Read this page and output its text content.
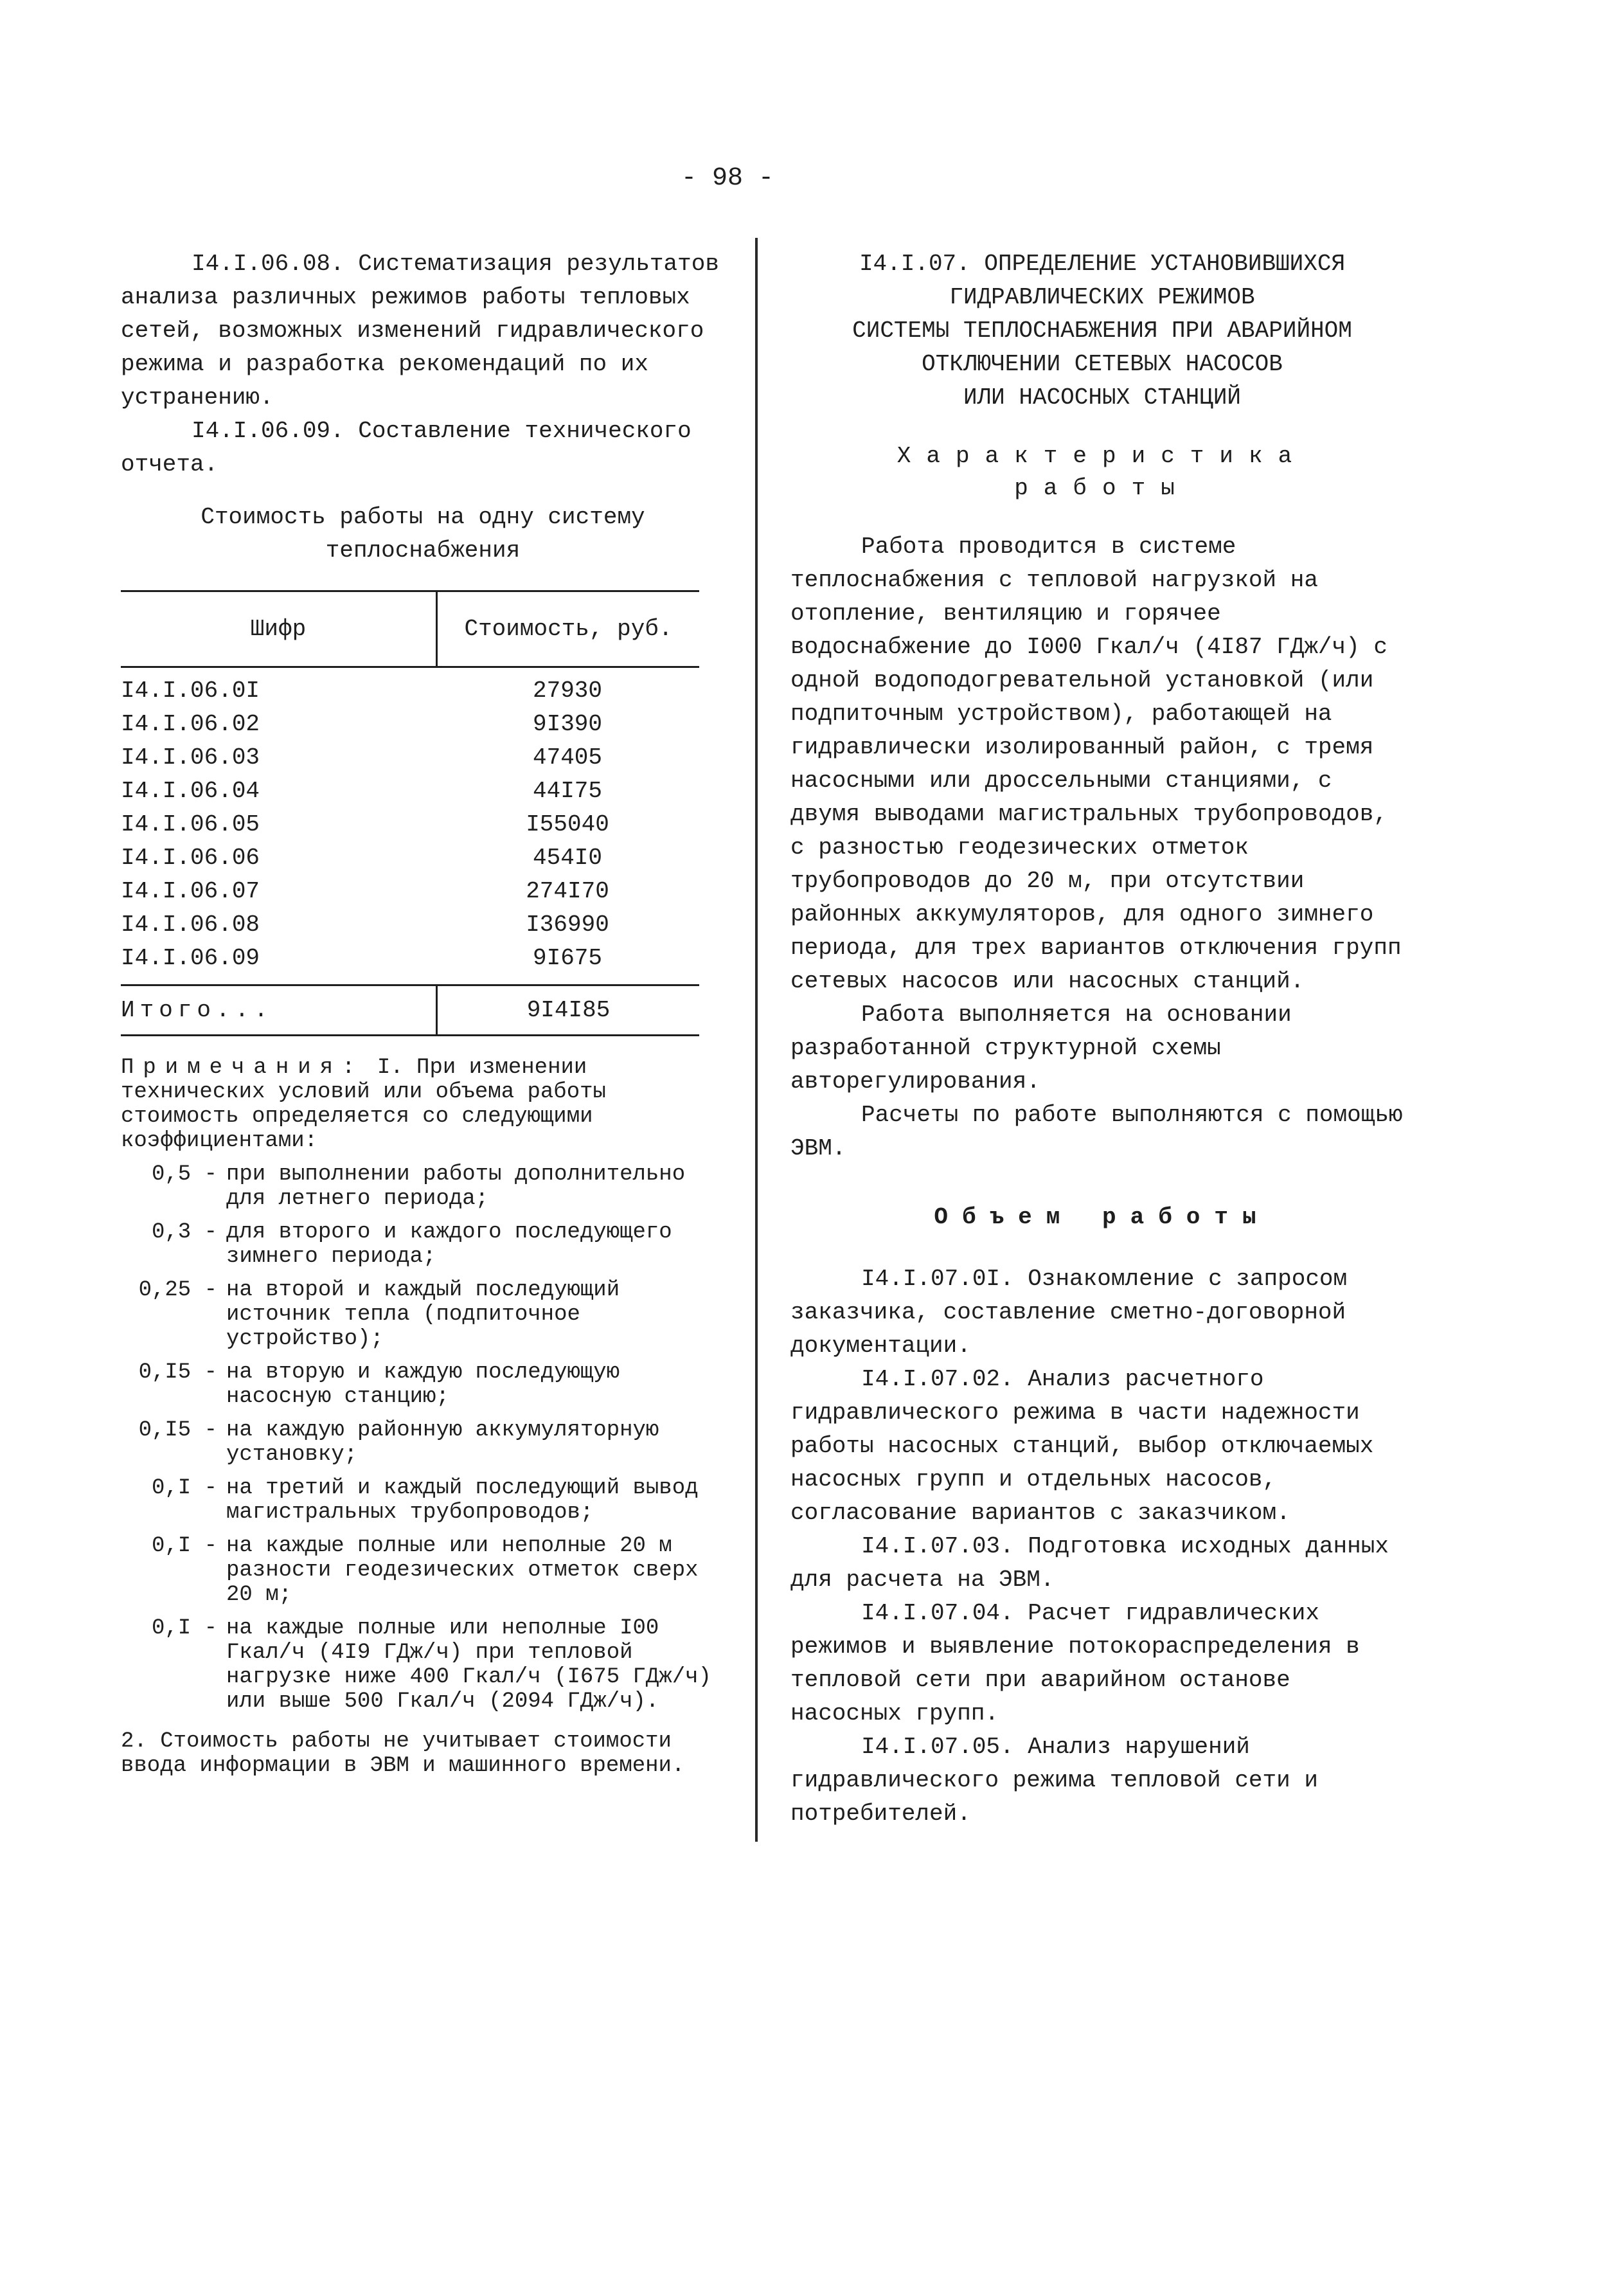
- 98 -

I4.I.06.08. Систематизация результатов анализа различных режимов работы тепловых сетей, возможных изменений гидравлического режима и разработка рекомендаций по их устранению.

I4.I.06.09. Составление технического отчета.

Стоимость работы на одну систему
теплоснабжения
Шифр	Стоимость, руб.
I4.I.06.0I	27930
I4.I.06.02	9I390
I4.I.06.03	47405
I4.I.06.04	44I75
I4.I.06.05	I55040
I4.I.06.06	454I0
I4.I.06.07	274I70
I4.I.06.08	I36990
I4.I.06.09	9I675
Итого...	9I4I85

Примечания: I. При изменении технических условий или объема работы стоимость определяется со следующими коэффициентами:

0,5 - при выполнении работы дополнительно для летнего периода;
0,3 - для второго и каждого последующего зимнего периода;
0,25 - на второй и каждый последующий источник тепла (подпиточное устройство);
0,I5 - на вторую и каждую последующую насосную станцию;
0,I5 - на каждую районную аккумуляторную установку;
0,I - на третий и каждый последующий вывод магистральных трубопроводов;
0,I - на каждые полные или неполные 20 м разности геодезических отметок сверх 20 м;
0,I - на каждые полные или неполные I00 Гкал/ч (4I9 ГДж/ч) при тепловой нагрузке ниже 400 Гкал/ч (I675 ГДж/ч) или выше 500 Гкал/ч (2094 ГДж/ч).

2. Стоимость работы не учитывает стоимости ввода информации в ЭВМ и машинного времени.

I4.I.07. ОПРЕДЕЛЕНИЕ УСТАНОВИВШИХСЯ

ГИДРАВЛИЧЕСКИХ РЕЖИМОВ

СИСТЕМЫ ТЕПЛОСНАБЖЕНИЯ ПРИ АВАРИЙНОМ

ОТКЛЮЧЕНИИ СЕТЕВЫХ НАСОСОВ

ИЛИ НАСОСНЫХ СТАНЦИЙ

Характеристика

работы

Работа проводится в системе теплоснабжения с тепловой нагрузкой на отопление, вентиляцию и горячее водоснабжение до I000 Гкал/ч (4I87 ГДж/ч) с одной водоподогревательной установкой (или подпиточным устройством), работающей на гидравлически изолированный район, с тремя насосными или дроссельными станциями, с двумя выводами магистральных трубопроводов, с разностью геодезических отметок трубопроводов до 20 м, при отсутствии районных аккумуляторов, для одного зимнего периода, для трех вариантов отключения групп сетевых насосов или насосных станций.

Работа выполняется на основании разработанной структурной схемы авторегулирования.

Расчеты по работе выполняются с помощью ЭВМ.

Объем работы

I4.I.07.0I. Ознакомление с запросом заказчика, составление сметно-договорной документации.

I4.I.07.02. Анализ расчетного гидравлического режима в части надежности работы насосных станций, выбор отключаемых насосных групп и отдельных насосов, согласование вариантов с заказчиком.

I4.I.07.03. Подготовка исходных данных для расчета на ЭВМ.

I4.I.07.04. Расчет гидравлических режимов и выявление потокораспределения в тепловой сети при аварийном останове насосных групп.

I4.I.07.05. Анализ нарушений гидравлического режима тепловой сети и потребителей.
